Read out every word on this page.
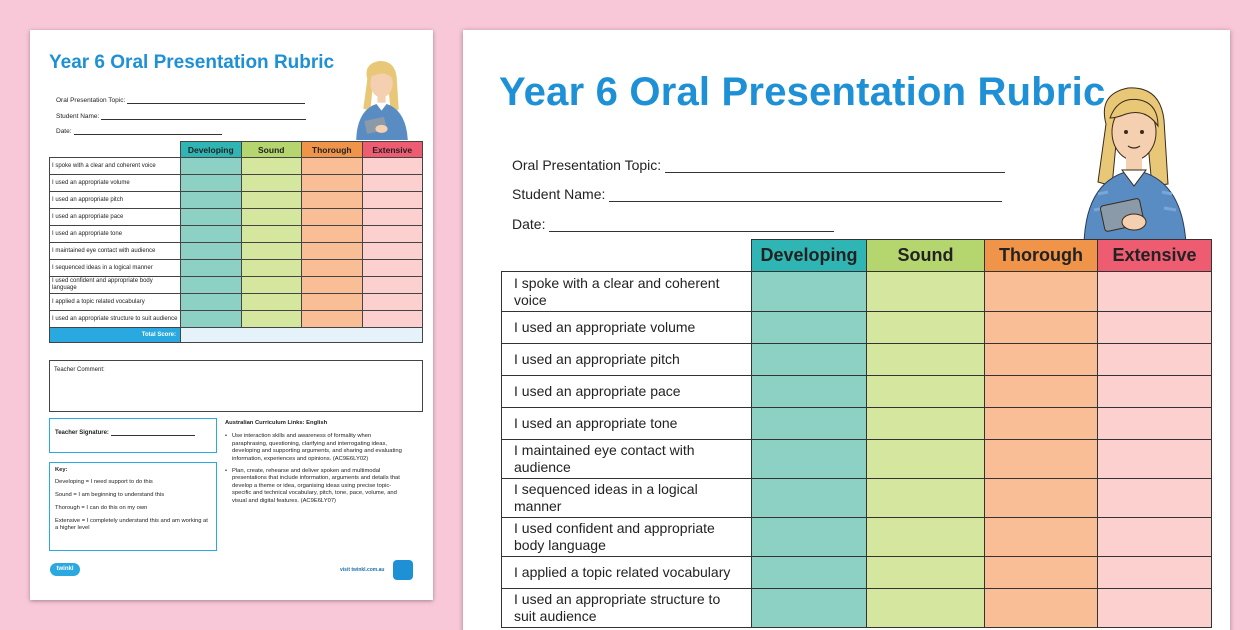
Year 6 Oral Presentation Rubric
Oral Presentation Topic:
Student Name:
Date:
	Developing	Sound	Thorough	Extensive
I spoke with a clear and coherent voice				
I used an appropriate volume				
I used an appropriate pitch				
I used an appropriate pace				
I used an appropriate tone				
I maintained eye contact with audience				
I sequenced ideas in a logical manner				
I used confident and appropriate body language				
I applied a topic related vocabulary				
I used an appropriate structure to suit audience				
Total Score:				
Teacher Comment:
Teacher Signature:
Key:
Developing = I need support to do this
Sound = I am beginning to understand this
Thorough = I can do this on my own
Extensive = I completely understand this and am working at a higher level
Australian Curriculum Links: English
• Use interaction skills and awareness of formality when paraphrasing, questioning, clarifying and interrogating ideas, developing and supporting arguments, and sharing and evaluating information, experiences and opinions. (AC9E6LY02)
• Plan, create, rehearse and deliver spoken and multimodal presentations that include information, arguments and details that develop a theme or idea, organising ideas using precise topic-specific and technical vocabulary, pitch, tone, pace, volume, and visual and digital features. (AC9E6LY07)
twinkl	visit twinkl.com.au
Year 6 Oral Presentation Rubric
Oral Presentation Topic:
Student Name:
Date:
	Developing	Sound	Thorough	Extensive
I spoke with a clear and coherent voice				
I used an appropriate volume				
I used an appropriate pitch				
I used an appropriate pace				
I used an appropriate tone				
I maintained eye contact with audience				
I sequenced ideas in a logical manner				
I used confident and appropriate body language				
I applied a topic related vocabulary				
I used an appropriate structure to suit audience				
